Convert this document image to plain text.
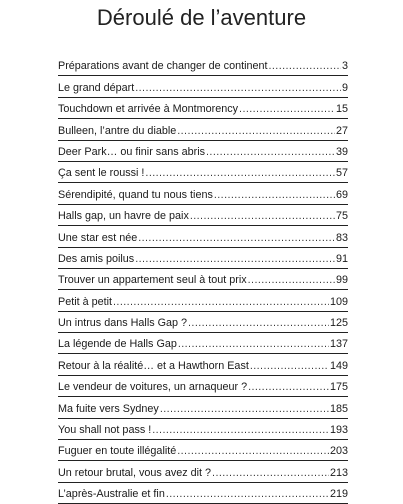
Déroulé de l’aventure
Préparations avant de changer de continent .....	3
Le grand départ .....	9
Touchdown et arrivée à Montmorency .....	15
Bulleen, l’antre du diable .....	27
Deer Park… ou finir sans abris .....	39
Ça sent le roussi ! .....	57
Sérendipité, quand tu nous tiens .....	69
Halls gap, un havre de paix .....	75
Une star est née .....	83
Des amis poilus .....	91
Trouver un appartement seul à tout prix .....	99
Petit à petit .....	109
Un intrus dans Halls Gap ? .....	125
La légende de Halls Gap .....	137
Retour à la réalité… et a Hawthorn East .....	149
Le vendeur de voitures, un arnaqueur ? .....	175
Ma fuite vers Sydney .....	185
You shall not pass ! .....	193
Fuguer en toute illégalité .....	203
Un retour brutal, vous avez dit ? .....	213
L’après-Australie et fin .....	219
